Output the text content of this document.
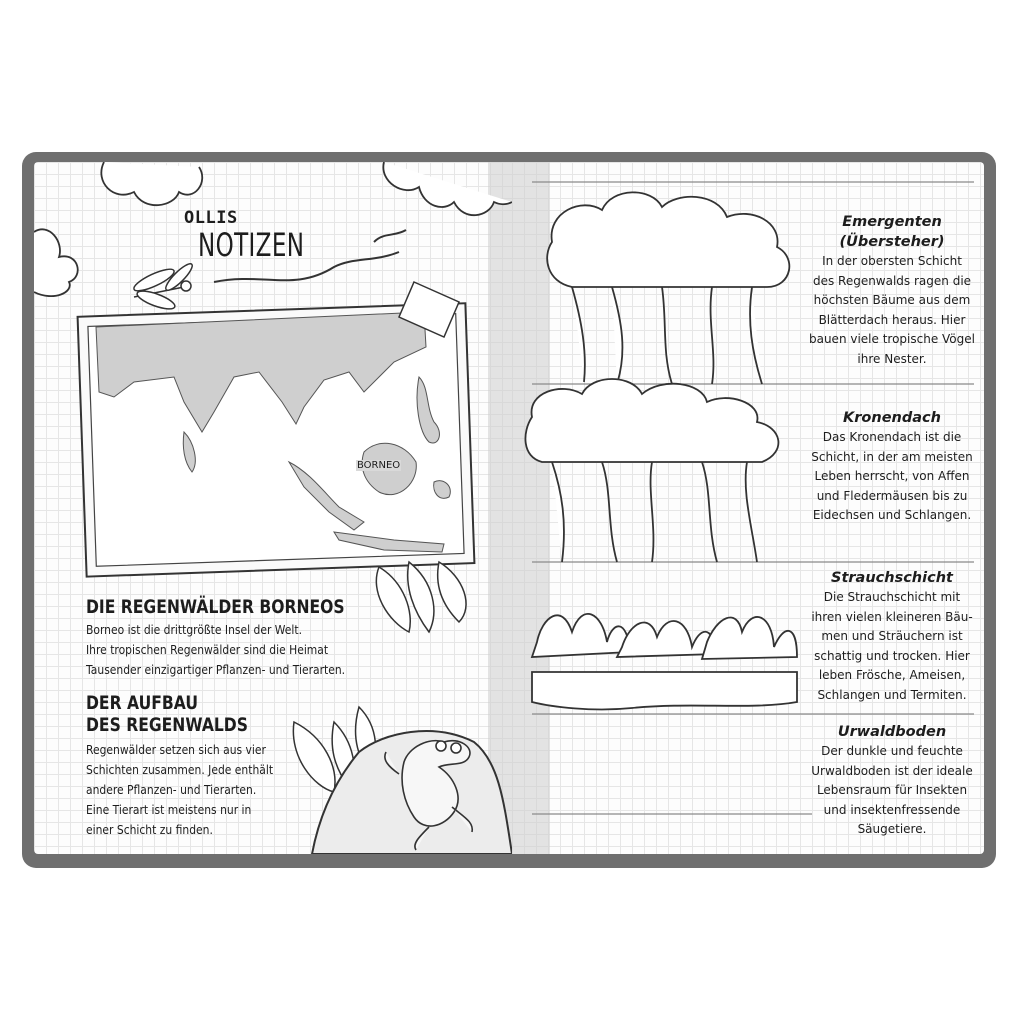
OLLIS
NOTIZEN
BORNEO
DIE REGENWÄLDER BORNEOS
Borneo ist die drittgrößte Insel der Welt.
Ihre tropischen Regenwälder sind die Heimat
Tausender einzigartiger Pflanzen- und Tierarten.
DER AUFBAU
DES REGENWALDS
Regenwälder setzen sich aus vier
Schichten zusammen. Jede enthält
andere Pflanzen- und Tierarten.
Eine Tierart ist meistens nur in
einer Schicht zu finden.
Emergenten
(Übersteher)
In der obersten Schicht
des Regenwalds ragen die
höchsten Bäume aus dem
Blätterdach heraus. Hier
bauen viele tropische Vögel
ihre Nester.
Kronendach
Das Kronendach ist die
Schicht, in der am meisten
Leben herrscht, von Affen
und Fledermäusen bis zu
Eidechsen und Schlangen.
Strauchschicht
Die Strauchschicht mit
ihren vielen kleineren Bäu-
men und Sträuchern ist
schattig und trocken. Hier
leben Frösche, Ameisen,
Schlangen und Termiten.
Urwaldboden
Der dunkle und feuchte
Urwaldboden ist der ideale
Lebensraum für Insekten
und insektenfressende
Säugetiere.
